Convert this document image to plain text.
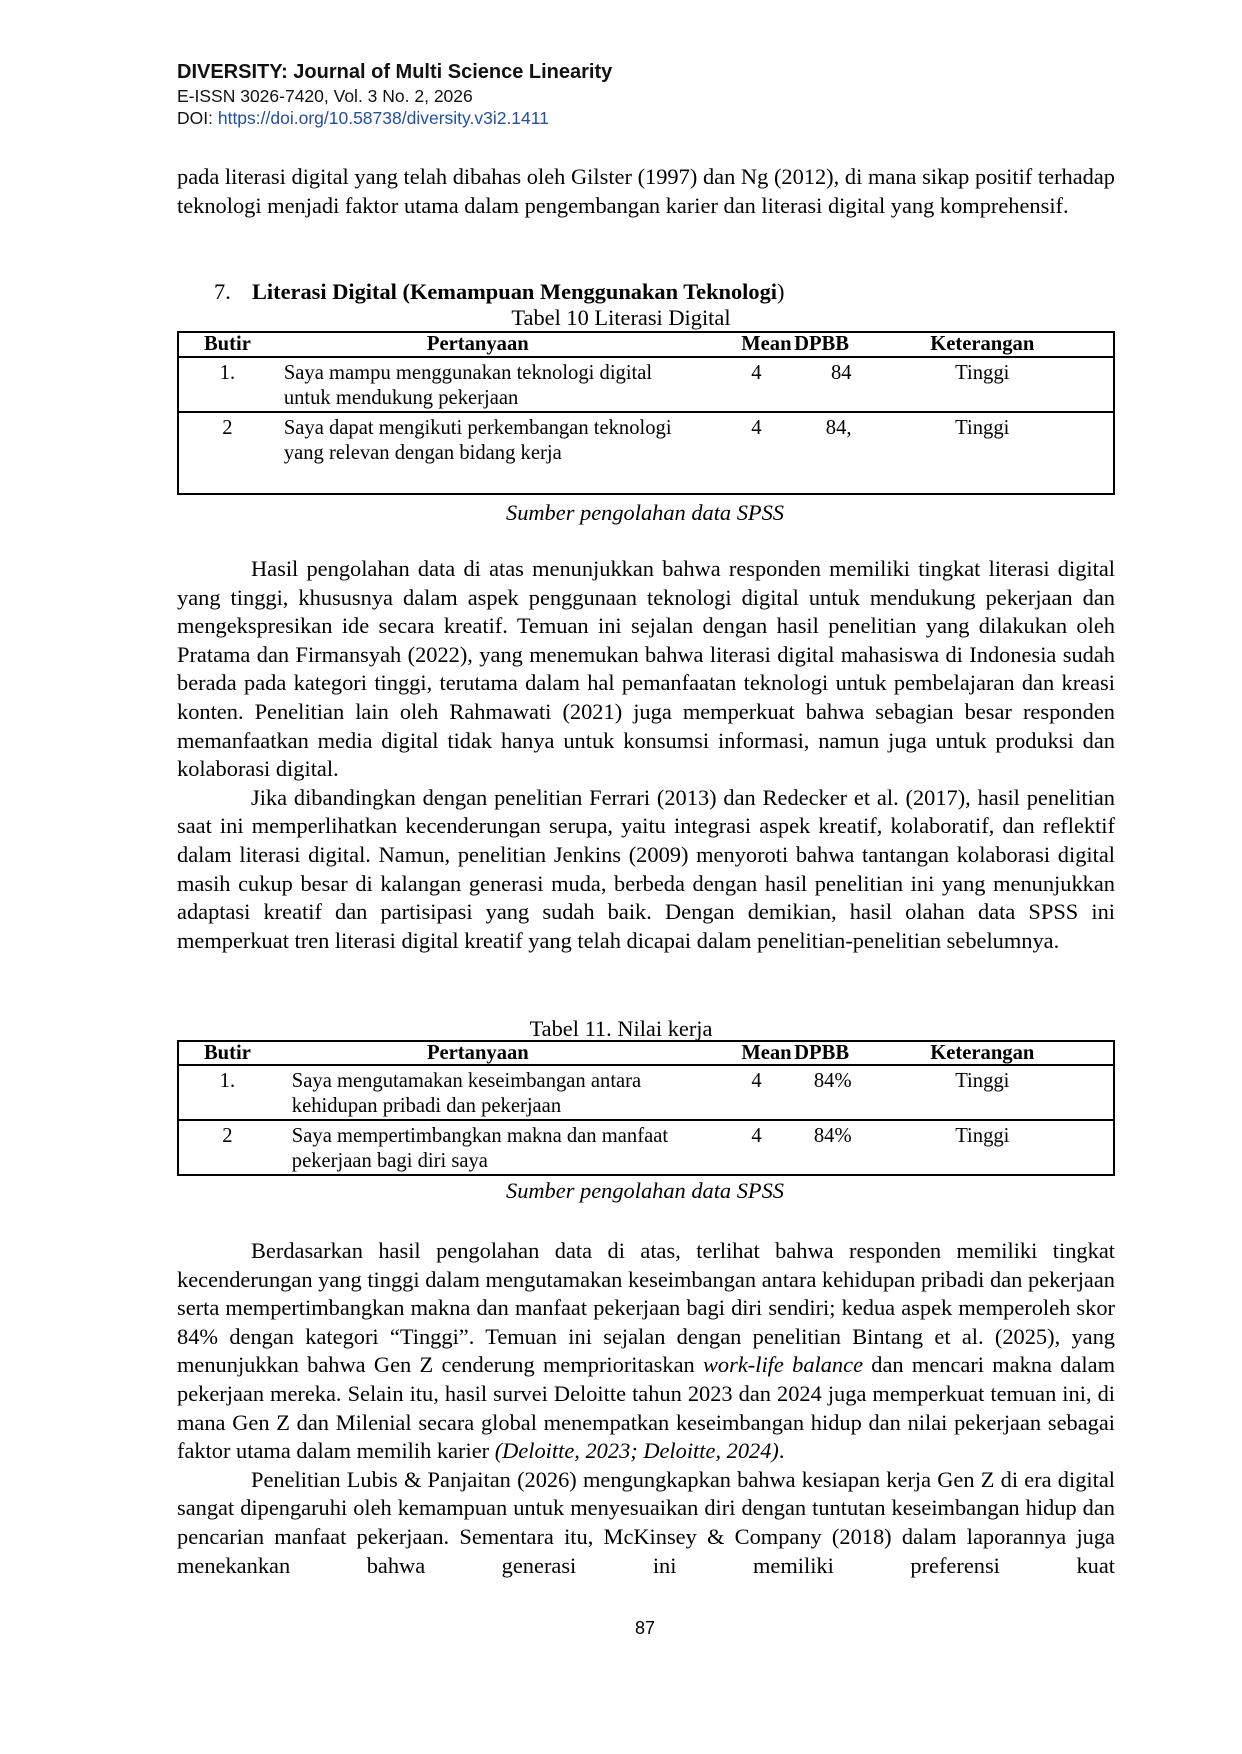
DIVERSITY: Journal of Multi Science Linearity
E-ISSN 3026-7420, Vol. 3 No. 2, 2026
DOI: https://doi.org/10.58738/diversity.v3i2.1411

pada literasi digital yang telah dibahas oleh Gilster (1997) dan Ng (2012), di mana sikap positif terhadap teknologi menjadi faktor utama dalam pengembangan karier dan literasi digital yang komprehensif.

7. Literasi Digital (Kemampuan Menggunakan Teknologi)
Tabel 10 Literasi Digital
Butir	Pertanyaan	Mean	DPBB	Keterangan
1.	Saya mampu menggunakan teknologi digital
untuk mendukung pekerjaan	4	84	Tinggi
2	Saya dapat mengikuti perkembangan teknologi
yang relevan dengan bidang kerja	4	84,	Tinggi
Sumber pengolahan data SPSS

Hasil pengolahan data di atas menunjukkan bahwa responden memiliki tingkat literasi digital yang tinggi, khususnya dalam aspek penggunaan teknologi digital untuk mendukung pekerjaan dan mengekspresikan ide secara kreatif. Temuan ini sejalan dengan hasil penelitian yang dilakukan oleh Pratama dan Firmansyah (2022), yang menemukan bahwa literasi digital mahasiswa di Indonesia sudah berada pada kategori tinggi, terutama dalam hal pemanfaatan teknologi untuk pembelajaran dan kreasi konten. Penelitian lain oleh Rahmawati (2021) juga memperkuat bahwa sebagian besar responden memanfaatkan media digital tidak hanya untuk konsumsi informasi, namun juga untuk produksi dan kolaborasi digital.

Jika dibandingkan dengan penelitian Ferrari (2013) dan Redecker et al. (2017), hasil penelitian saat ini memperlihatkan kecenderungan serupa, yaitu integrasi aspek kreatif, kolaboratif, dan reflektif dalam literasi digital. Namun, penelitian Jenkins (2009) menyoroti bahwa tantangan kolaborasi digital masih cukup besar di kalangan generasi muda, berbeda dengan hasil penelitian ini yang menunjukkan adaptasi kreatif dan partisipasi yang sudah baik. Dengan demikian, hasil olahan data SPSS ini memperkuat tren literasi digital kreatif yang telah dicapai dalam penelitian-penelitian sebelumnya.

Tabel 11. Nilai kerja
Butir	Pertanyaan	Mean	DPBB	Keterangan
1.	Saya mengutamakan keseimbangan antara
kehidupan pribadi dan pekerjaan	4	84%	Tinggi
2	Saya mempertimbangkan makna dan manfaat
pekerjaan bagi diri saya	4	84%	Tinggi
Sumber pengolahan data SPSS

Berdasarkan hasil pengolahan data di atas, terlihat bahwa responden memiliki tingkat kecenderungan yang tinggi dalam mengutamakan keseimbangan antara kehidupan pribadi dan pekerjaan serta mempertimbangkan makna dan manfaat pekerjaan bagi diri sendiri; kedua aspek memperoleh skor 84% dengan kategori “Tinggi”. Temuan ini sejalan dengan penelitian Bintang et al. (2025), yang menunjukkan bahwa Gen Z cenderung memprioritaskan work-life balance dan mencari makna dalam pekerjaan mereka. Selain itu, hasil survei Deloitte tahun 2023 dan 2024 juga memperkuat temuan ini, di mana Gen Z dan Milenial secara global menempatkan keseimbangan hidup dan nilai pekerjaan sebagai faktor utama dalam memilih karier (Deloitte, 2023; Deloitte, 2024).

Penelitian Lubis & Panjaitan (2026) mengungkapkan bahwa kesiapan kerja Gen Z di era digital sangat dipengaruhi oleh kemampuan untuk menyesuaikan diri dengan tuntutan keseimbangan hidup dan pencarian manfaat pekerjaan. Sementara itu, McKinsey & Company (2018) dalam laporannya juga menekankan bahwa generasi ini memiliki preferensi kuat

87
